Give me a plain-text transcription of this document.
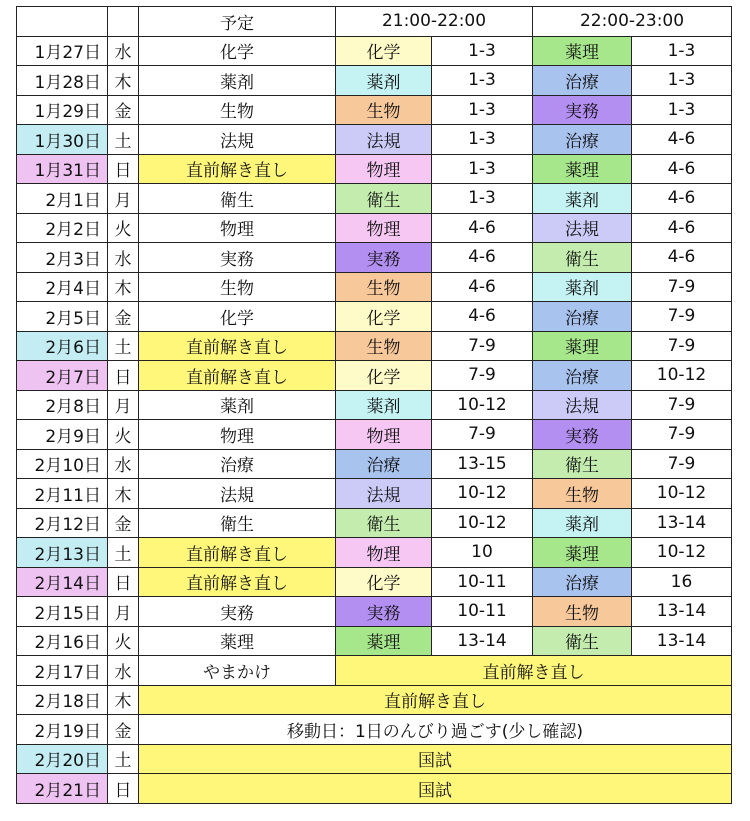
		予定	21:00-22:00		22:00-23:00	
1月27日	水	化学	化学	1-3	薬理	1-3
1月28日	木	薬剤	薬剤	1-3	治療	1-3
1月29日	金	生物	生物	1-3	実務	1-3
1月30日	土	法規	法規	1-3	治療	4-6
1月31日	日	直前解き直し	物理	1-3	薬理	4-6
2月1日	月	衛生	衛生	1-3	薬剤	4-6
2月2日	火	物理	物理	4-6	法規	4-6
2月3日	水	実務	実務	4-6	衛生	4-6
2月4日	木	生物	生物	4-6	薬剤	7-9
2月5日	金	化学	化学	4-6	治療	7-9
2月6日	土	直前解き直し	生物	7-9	薬理	7-9
2月7日	日	直前解き直し	化学	7-9	治療	10-12
2月8日	月	薬剤	薬剤	10-12	法規	7-9
2月9日	火	物理	物理	7-9	実務	7-9
2月10日	水	治療	治療	13-15	衛生	7-9
2月11日	木	法規	法規	10-12	生物	10-12
2月12日	金	衛生	衛生	10-12	薬剤	13-14
2月13日	土	直前解き直し	物理	10	薬理	10-12
2月14日	日	直前解き直し	化学	10-11	治療	16
2月15日	月	実務	実務	10-11	生物	13-14
2月16日	火	薬理	薬理	13-14	衛生	13-14
2月17日	水	やまかけ	直前解き直し			
2月18日	木	直前解き直し				
2月19日	金	移動日：1日のんびり過ごす(少し確認)				
2月20日	土	国試				
2月21日	日	国試				
